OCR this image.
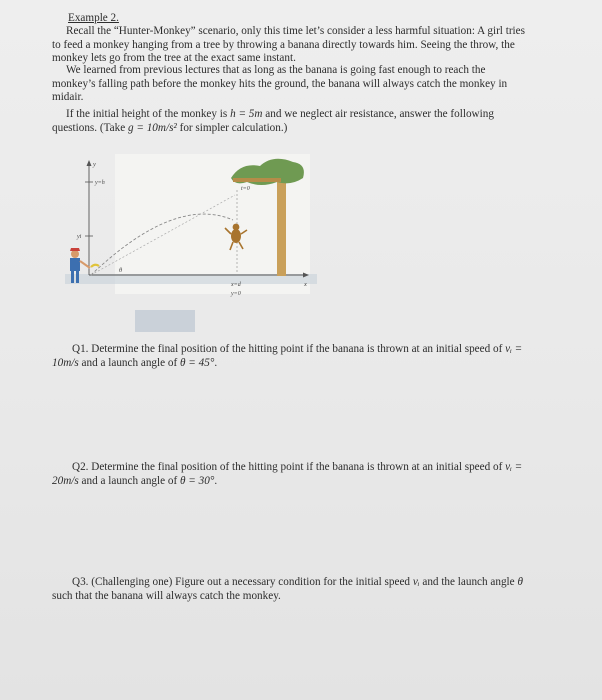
Example 2.

Recall the “Hunter-Monkey” scenario, only this time let’s consider a less harmful situation: A girl tries to feed a monkey hanging from a tree by throwing a banana directly towards him. Seeing the throw, the monkey lets go from the tree at the exact same instant.

We learned from previous lectures that as long as the banana is going fast enough to reach the monkey’s falling path before the monkey hits the ground, the banana will always catch the monkey in midair.

If the initial height of the monkey is h = 5m and we neglect air resistance, answer the following questions. (Take g = 10m/s² for simpler calculation.)

y
y=h
yi
θ
t=0
x=d
y=0
x
Q1. Determine the final position of the hitting point if the banana is thrown at an initial speed of vᵢ = 10m/s and a launch angle of θ = 45°.
Q2. Determine the final position of the hitting point if the banana is thrown at an initial speed of vᵢ = 20m/s and a launch angle of θ = 30°.
Q3. (Challenging one) Figure out a necessary condition for the initial speed vᵢ and the launch angle θ such that the banana will always catch the monkey.
